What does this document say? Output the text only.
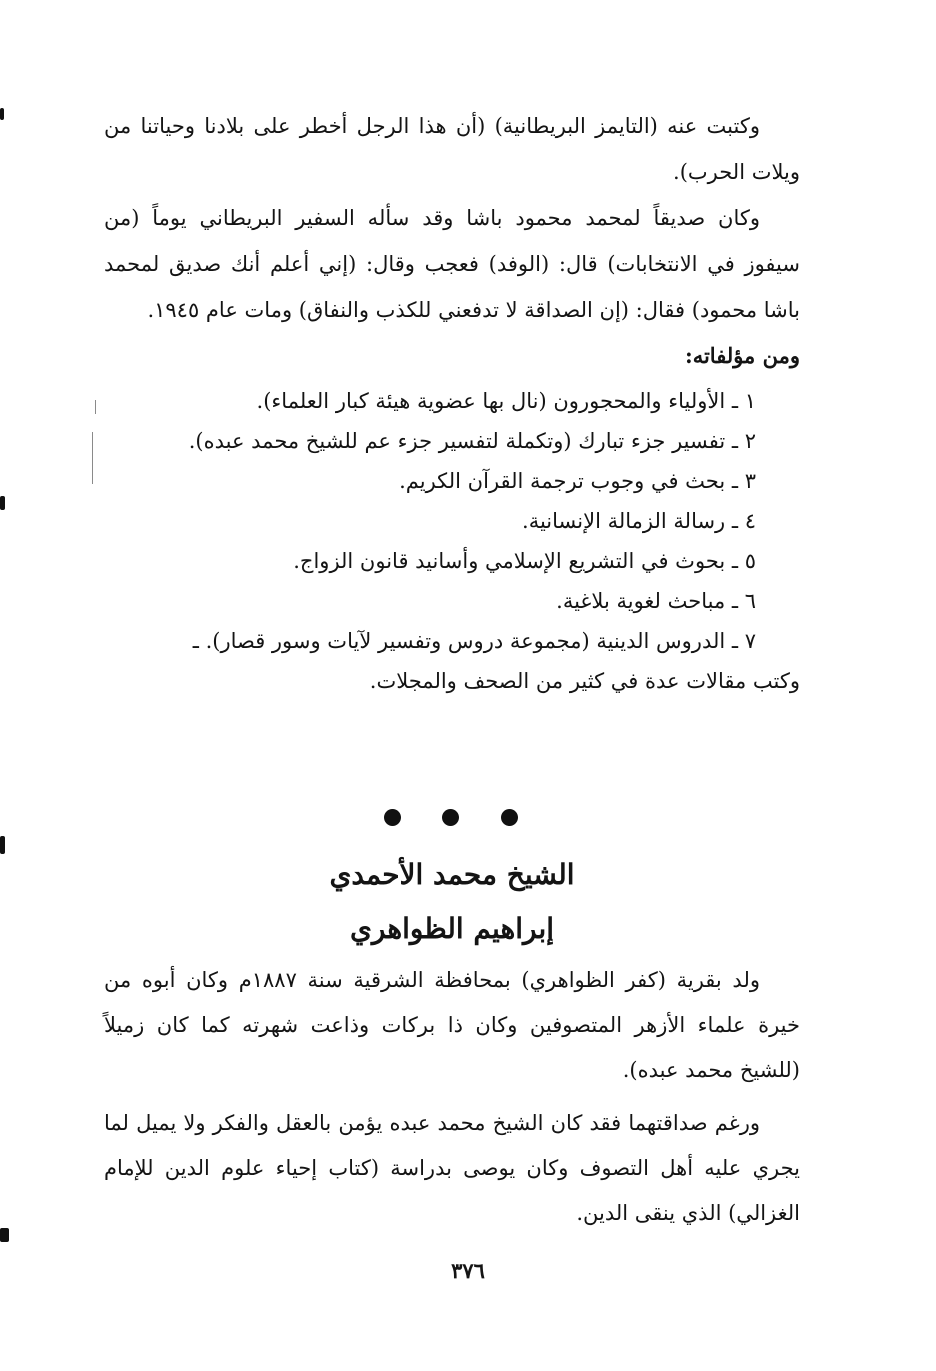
وكتبت عنه (التايمز البريطانية) (أن هذا الرجل أخطر على بلادنا وحياتنا من ويلات الحرب).

وكان صديقاً لمحمد محمود باشا وقد سأله السفير البريطاني يوماً (من سيفوز في الانتخابات) قال: (الوفد) فعجب وقال: (إني أعلم أنك صديق لمحمد باشا محمود) فقال: (إن الصداقة لا تدفعني للكذب والنفاق) ومات عام ١٩٤٥.

ومن مؤلفاته:

١ ـ الأولياء والمحجورون (نال بها عضوية هيئة كبار العلماء).
٢ ـ تفسير جزء تبارك (وتكملة لتفسير جزء عم للشيخ محمد عبده).
٣ ـ بحث في وجوب ترجمة القرآن الكريم.
٤ ـ رسالة الزمالة الإنسانية.
٥ ـ بحوث في التشريع الإسلامي وأسانيد قانون الزواج.
٦ ـ مباحث لغوية بلاغية.
٧ ـ الدروس الدينية (مجموعة دروس وتفسير لآيات وسور قصار). ـ

وكتب مقالات عدة في كثير من الصحف والمجلات.

الشيخ محمد الأحمدي
إبراهيم الظواهري

ولد بقرية (كفر الظواهري) بمحافظة الشرقية سنة ١٨٨٧م وكان أبوه من خيرة علماء الأزهر المتصوفين وكان ذا بركات وذاعت شهرته كما كان زميلاً (للشيخ محمد عبده).

ورغم صداقتهما فقد كان الشيخ محمد عبده يؤمن بالعقل والفكر ولا يميل لما يجري عليه أهل التصوف وكان يوصى بدراسة (كتاب إحياء علوم الدين للإمام الغزالي) الذي ينقى الدين.

٣٧٦
